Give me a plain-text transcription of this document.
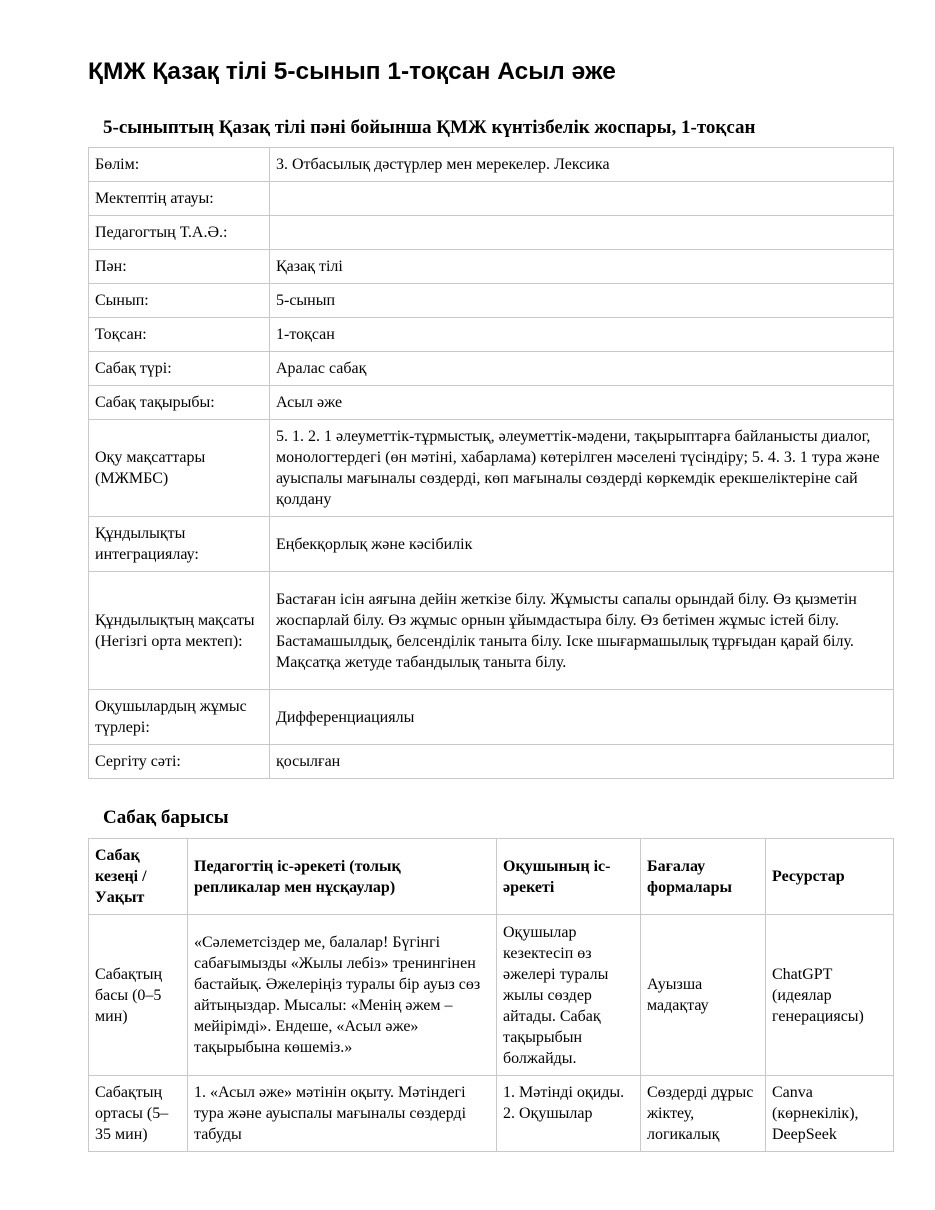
ҚМЖ Қазақ тілі 5-сынып 1-тоқсан Асыл әже
5-сыныптың Қазақ тілі пәні бойынша ҚМЖ күнтізбелік жоспары, 1-тоқсан
Бөлім:	3. Отбасылық дәстүрлер мен мерекелер. Лексика
Мектептің атауы:	
Педагогтың Т.А.Ә.:	
Пән:	Қазақ тілі
Сынып:	5-сынып
Тоқсан:	1-тоқсан
Сабақ түрі:	Аралас сабақ
Сабақ тақырыбы:	Асыл әже
Оқу мақсаттары (МЖМБС)	5. 1. 2. 1 әлеуметтік-тұрмыстық, әлеуметтік-мәдени, тақырыптарға байланысты диалог, монологтердегі (өн мәтіні, хабарлама) көтерілген мәселені түсіндіру; 5. 4. 3. 1 тура және ауыспалы мағыналы сөздерді, көп мағыналы сөздерді көркемдік ерекшеліктеріне сай қолдану
Құндылықты интеграциялау:	Еңбекқорлық және кәсібилік
Құндылықтың мақсаты (Негізгі орта мектеп):	Бастаған ісін аяғына дейін жеткізе білу. Жұмысты сапалы орындай білу. Өз қызметін жоспарлай білу. Өз жұмыс орнын ұйымдастыра білу. Өз бетімен жұмыс істей білу. Бастамашылдық, белсенділік таныта білу. Іске шығармашылық тұрғыдан қарай білу. Мақсатқа жетуде табандылық таныта білу.
Оқушылардың жұмыс түрлері:	Дифференциациялы
Сергіту сәті:	қосылған
Сабақ барысы
Сабақ кезеңі / Уақыт	Педагогтің іс-әрекеті (толық репликалар мен нұсқаулар)	Оқушының іс-әрекеті	Бағалау формалары	Ресурстар
Сабақтың басы (0–5 мин)	«Сәлеметсіздер ме, балалар! Бүгінгі сабағымызды «Жылы лебіз» тренингінен бастайық. Әжелеріңіз туралы бір ауыз сөз айтыңыздар. Мысалы: «Менің әжем – мейірімді». Ендеше, «Асыл әже» тақырыбына көшеміз.»	Оқушылар кезектесіп өз әжелері туралы жылы сөздер айтады. Сабақ тақырыбын болжайды.	Ауызша мадақтау	ChatGPT (идеялар генерациясы)
Сабақтың ортасы (5–35 мин)	1. «Асыл әже» мәтінін оқыту. Мәтіндегі тура және ауыспалы мағыналы сөздерді табуды	1. Мәтінді оқиды. 2. Оқушылар	Сөздерді дұрыс жіктеу, логикалық	Canva (көрнекілік), DeepSeek
